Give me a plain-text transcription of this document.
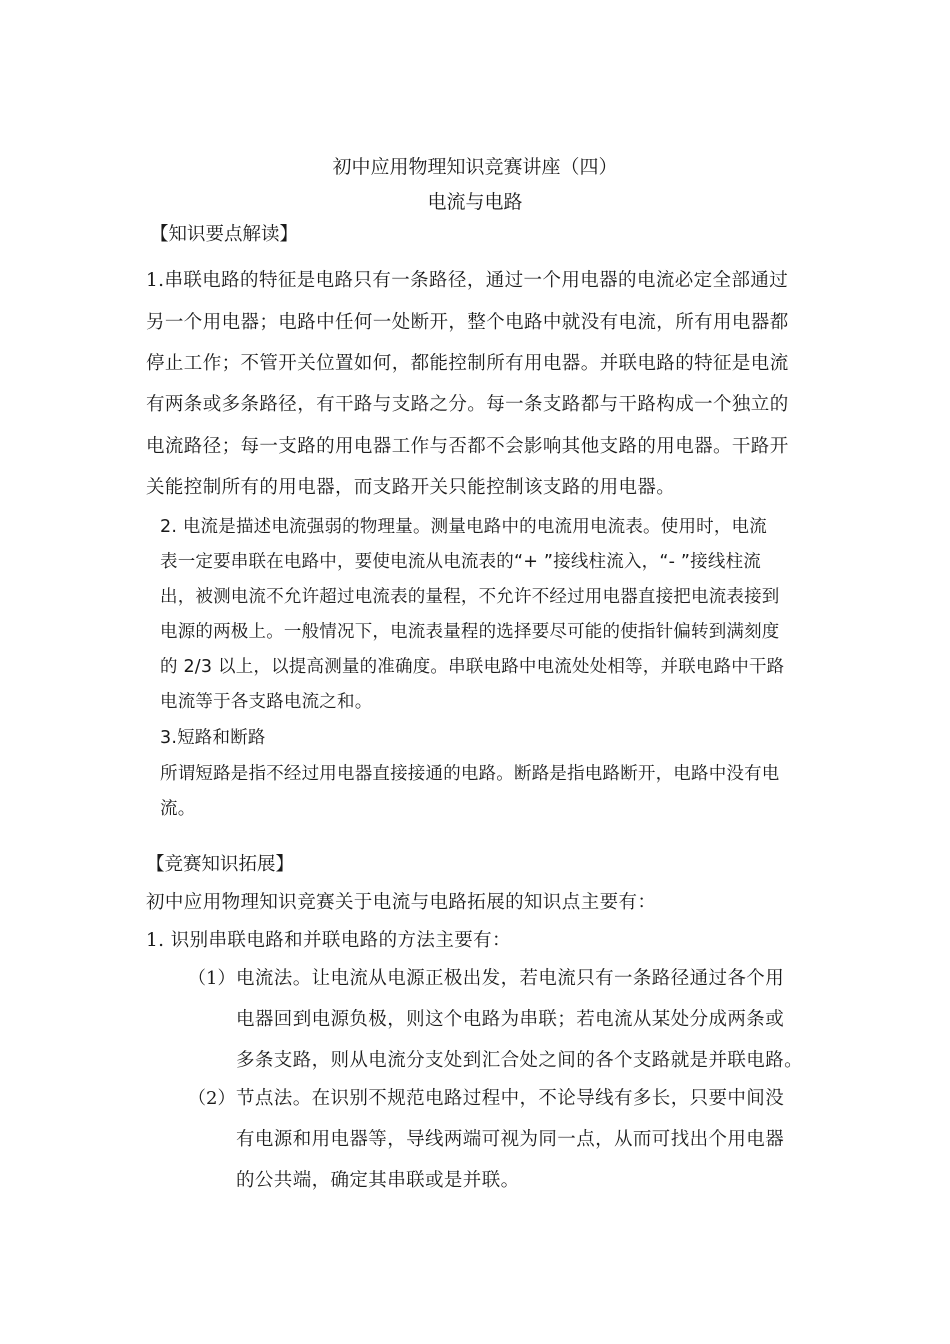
初中应用物理知识竞赛讲座（四）
电流与电路
【知识要点解读】
1.串联电路的特征是电路只有一条路径，通过一个用电器的电流必定全部通过
另一个用电器；电路中任何一处断开，整个电路中就没有电流，所有用电器都
停止工作；不管开关位置如何，都能控制所有用电器。并联电路的特征是电流
有两条或多条路径，有干路与支路之分。每一条支路都与干路构成一个独立的
电流路径；每一支路的用电器工作与否都不会影响其他支路的用电器。干路开
关能控制所有的用电器，而支路开关只能控制该支路的用电器。
2. 电流是描述电流强弱的物理量。测量电路中的电流用电流表。使用时，电流
表一定要串联在电路中，要使电流从电流表的“+ ”接线柱流入，“- ”接线柱流
出，被测电流不允许超过电流表的量程，不允许不经过用电器直接把电流表接到
电源的两极上。一般情况下，电流表量程的选择要尽可能的使指针偏转到满刻度
的 2/3 以上，以提高测量的准确度。串联电路中电流处处相等，并联电路中干路
电流等于各支路电流之和。
3.短路和断路
所谓短路是指不经过用电器直接接通的电路。断路是指电路断开，电路中没有电
流。
【竞赛知识拓展】
初中应用物理知识竞赛关于电流与电路拓展的知识点主要有：
1. 识别串联电路和并联电路的方法主要有：
（1） 电流法。让电流从电源正极出发，若电流只有一条路径通过各个用
电器回到电源负极，则这个电路为串联；若电流从某处分成两条或
多条支路，则从电流分支处到汇合处之间的各个支路就是并联电路。
（2） 节点法。在识别不规范电路过程中，不论导线有多长，只要中间没
有电源和用电器等，导线两端可视为同一点，从而可找出个用电器
的公共端，确定其串联或是并联。
